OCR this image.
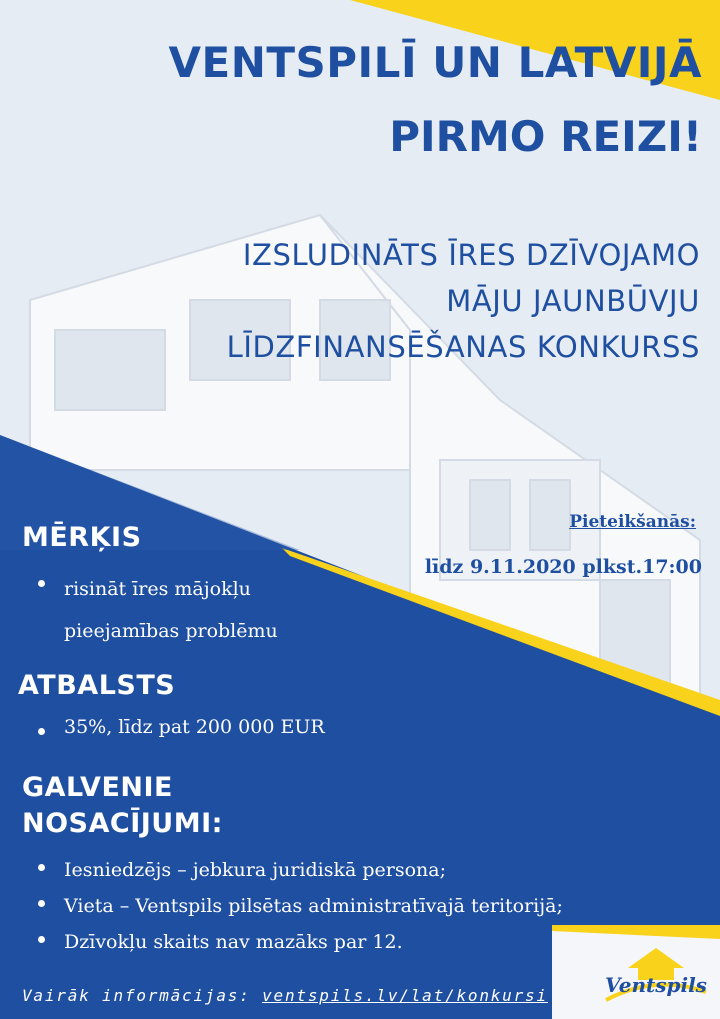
VENTSPILĪ UN LATVIJĀ
PIRMO REIZI!
IZSLUDINĀTS ĪRES DZĪVOJAMO
MĀJU JAUNBŪVJU
LĪDZFINANSĒŠANAS KONKURSS
Pieteikšanās:
līdz 9.11.2020 plkst.17:00
MĒRĶIS
risināt īres mājokļu
pieejamības problēmu
ATBALSTS
35%, līdz pat 200 000 EUR
GALVENIE
NOSACĪJUMI:
Iesniedzējs – jebkura juridiskā persona;
Vieta – Ventspils pilsētas administratīvajā teritorijā;
Dzīvokļu skaits nav mazāks par 12.
Vairāk informācijas: ventspils.lv/lat/konkursi	Ventspils
